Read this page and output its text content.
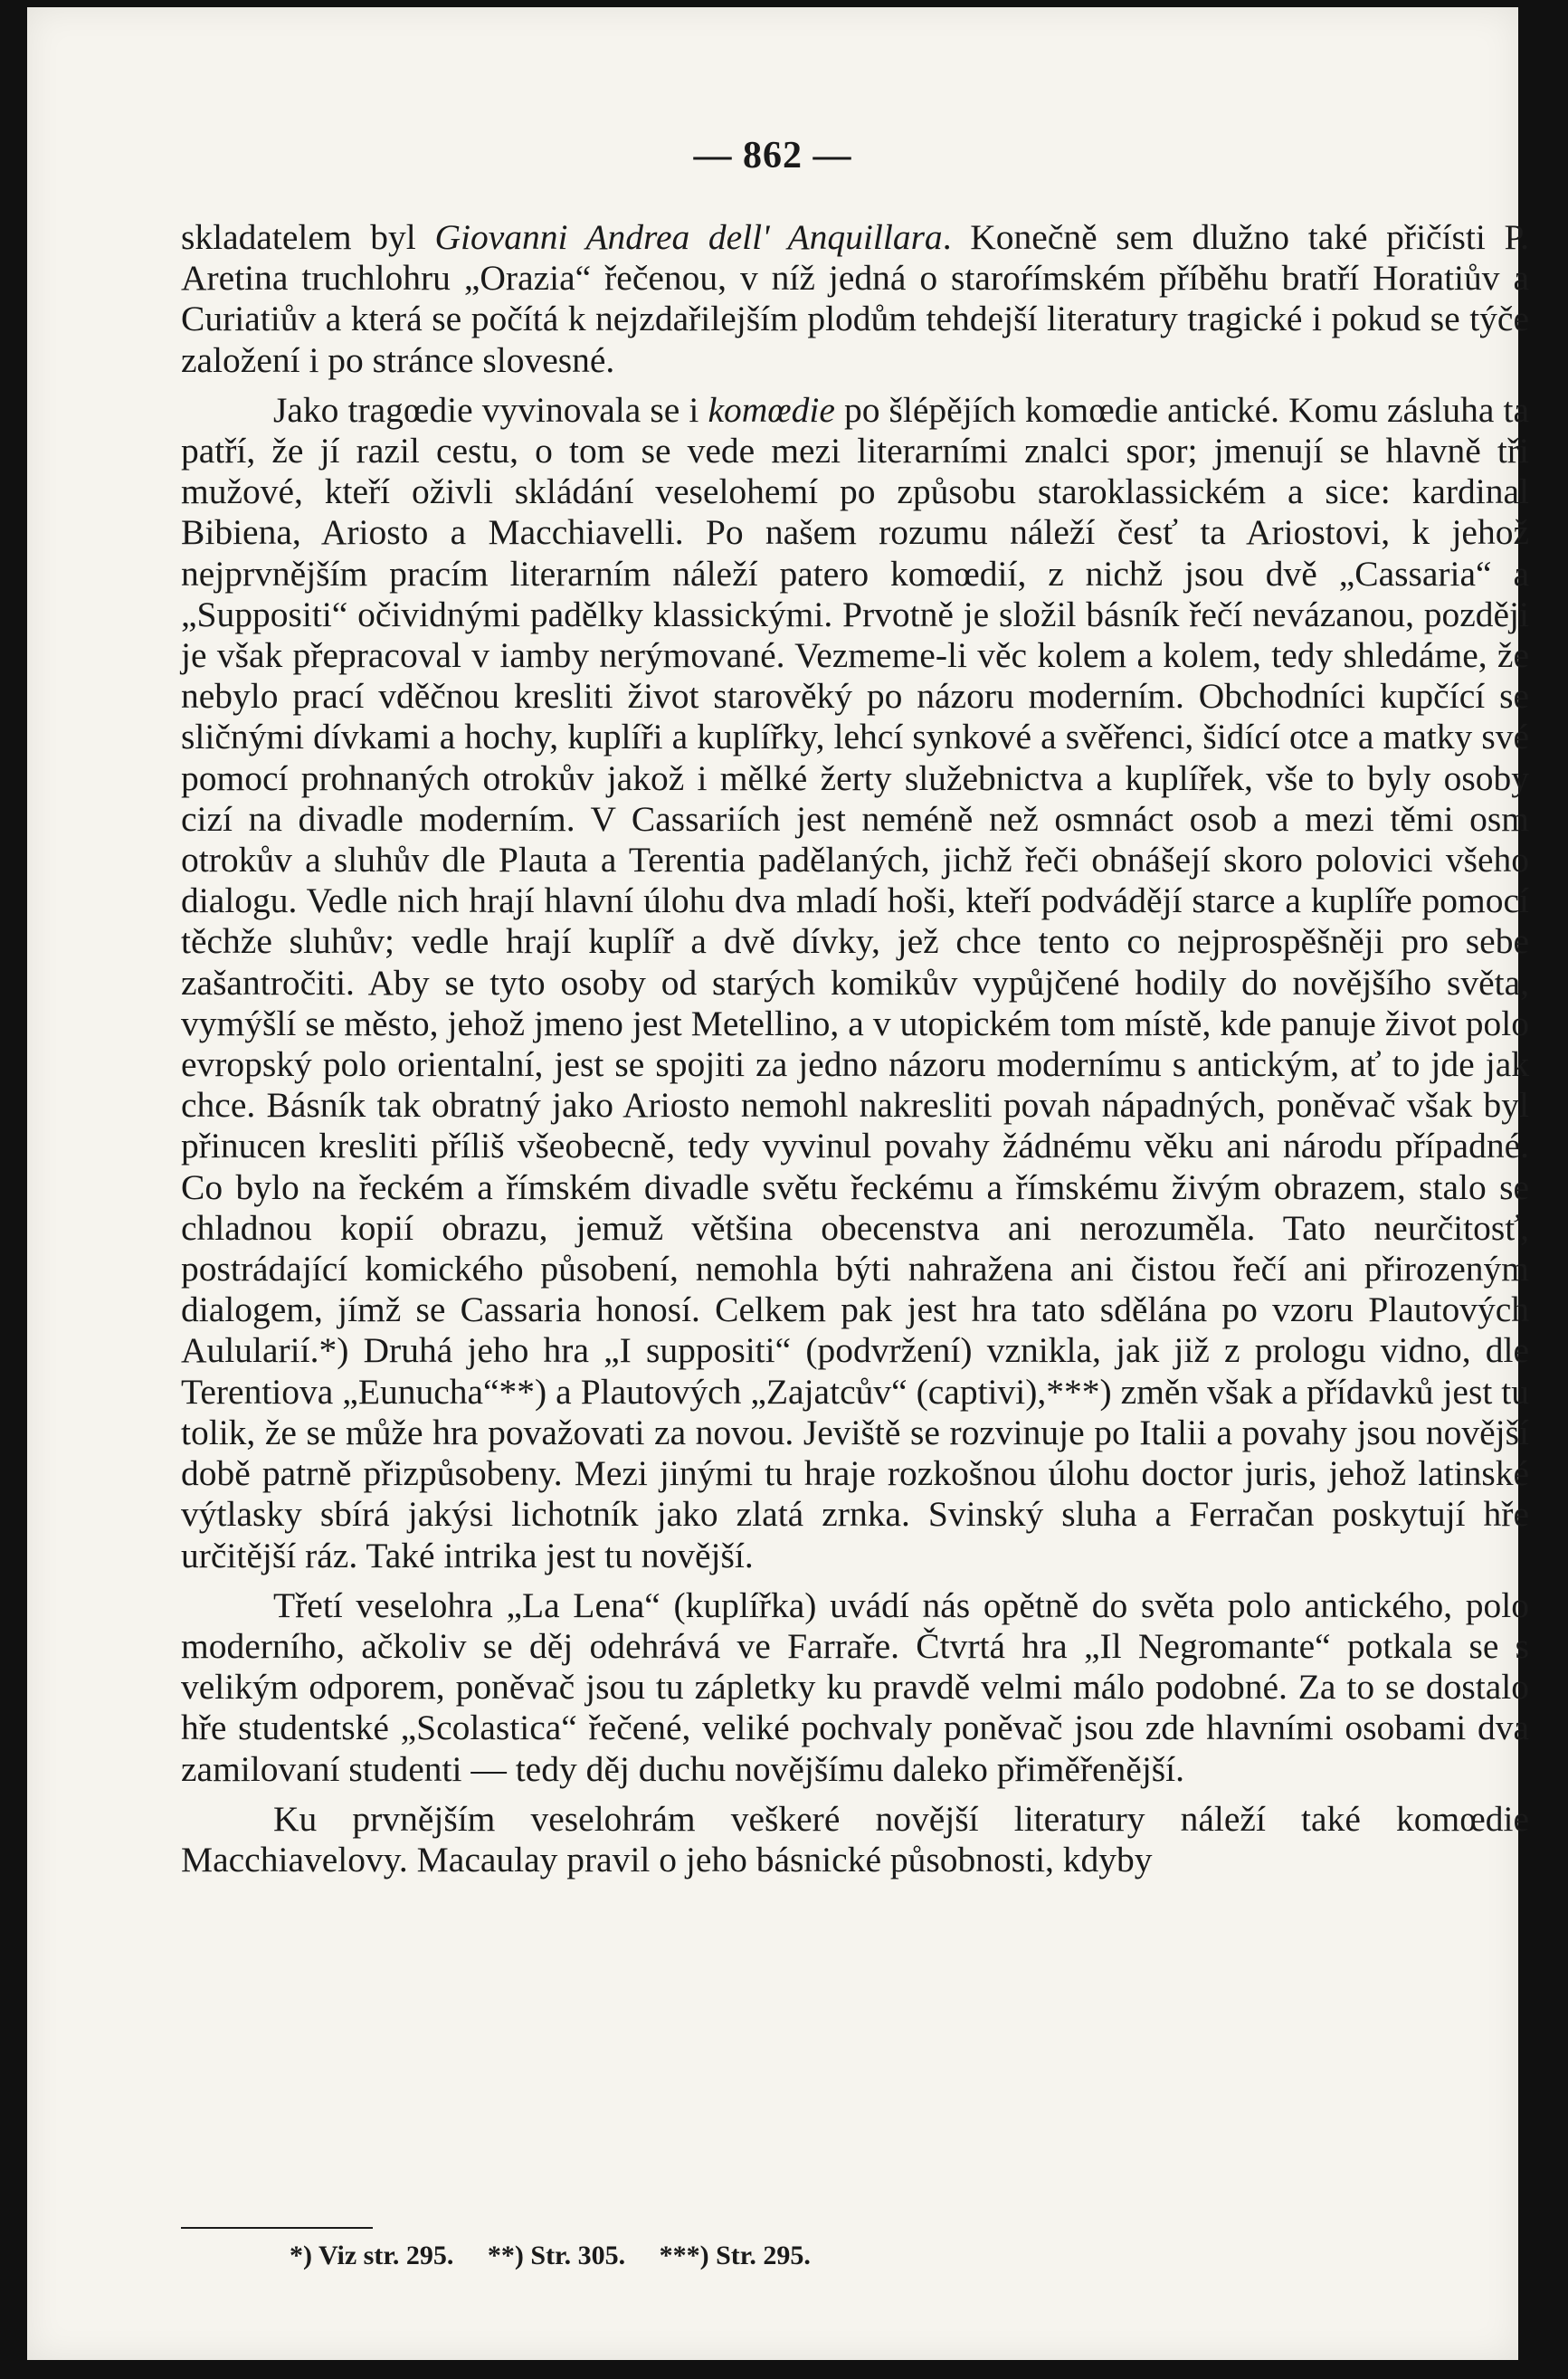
— 862 —

skladatelem byl Giovanni Andrea dell' Anquillara. Konečně sem dlužno také přičísti P. Aretina truchlohru „Orazia“ řečenou, v níž jedná o staroŕímském příběhu bratří Horatiův a Curiatiův a která se počítá k nejzdařilejším plodům tehdejší literatury tragické i pokud se týče založení i po stránce slovesné.

Jako tragœdie vyvinovala se i komœdie po šlépějích komœdie antické. Komu zásluha ta patří, že jí razil cestu, o tom se vede mezi literarními znalci spor; jmenují se hlavně tři mužové, kteří oživli skládání veselohemí po způsobu staroklassickém a sice: kardinal Bibiena, Ariosto a Macchiavelli. Po našem rozumu náleží česť ta Ariostovi, k jehož nejprvnějším pracím literarním náleží patero komœdií, z nichž jsou dvě „Cassaria“ a „Suppositi“ očividnými padělky klassickými. Prvotně je složil básník řečí nevázanou, později je však přepracoval v iamby nerýmované. Vezmeme-li věc kolem a kolem, tedy shledáme, že nebylo prací vděčnou kresliti život starověký po názoru moderním. Obchodníci kupčící se sličnými dívkami a hochy, kuplíři a kuplířky, lehcí synkové a svěřenci, šidící otce a matky své pomocí prohnaných otrokův jakož i mělké žerty služebnictva a kuplířek, vše to byly osoby cizí na divadle moderním. V Cassariích jest neméně než osmnáct osob a mezi těmi osm otrokův a sluhův dle Plauta a Terentia padělaných, jichž řeči obnášejí skoro polovici všeho dialogu. Vedle nich hrají hlavní úlohu dva mladí hoši, kteří podvádějí starce a kuplíře pomocí těchže sluhův; vedle hrají kuplíř a dvě dívky, jež chce tento co nejprospěšněji pro sebe zašantročiti. Aby se tyto osoby od starých komikův vypůjčené hodily do novějšího světa, vymýšlí se město, jehož jmeno jest Metellino, a v utopickém tom místě, kde panuje život polo evropský polo orientalní, jest se spojiti za jedno názoru modernímu s antickým, ať to jde jak chce. Básník tak obratný jako Ariosto nemohl nakresliti povah nápadných, poněvač však byl přinucen kresliti příliš všeobecně, tedy vyvinul povahy žádnému věku ani národu případné. Co bylo na řeckém a římském divadle světu řeckému a římskému živým obrazem, stalo se chladnou kopií obrazu, jemuž většina obecenstva ani nerozuměla. Tato neurčitosť, postrádající komického působení, nemohla býti nahražena ani čistou řečí ani přirozeným dialogem, jímž se Cassaria honosí. Celkem pak jest hra tato sdělána po vzoru Plautových Aulularií.*) Druhá jeho hra „I suppositi“ (podvržení) vznikla, jak již z prologu vidno, dle Terentiova „Eunucha“**) a Plautových „Zajatcův“ (captivi),***) změn však a přídavků jest tu tolik, že se může hra považovati za novou. Jeviště se rozvinuje po Italii a povahy jsou novější době patrně přizpůsobeny. Mezi jinými tu hraje rozkošnou úlohu doctor juris, jehož latinské výtlasky sbírá jakýsi lichotník jako zlatá zrnka. Svinský sluha a Ferračan poskytují hře určitější ráz. Také intrika jest tu novější.

Třetí veselohra „La Lena“ (kuplířka) uvádí nás opětně do světa polo antického, polo moderního, ačkoliv se děj odehrává ve Farraře. Čtvrtá hra „Il Negromante“ potkala se s velikým odporem, poněvač jsou tu zápletky ku pravdě velmi málo podobné. Za to se dostalo hře studentské „Scolastica“ řečené, veliké pochvaly poněvač jsou zde hlavními osobami dva zamilovaní studenti — tedy děj duchu novějšímu daleko přiměřenější.

Ku prvnějším veselohrám veškeré novější literatury náleží také komœdie Macchiavelovy. Macaulay pravil o jeho básnické působnosti, kdyby

*) Viz str. 295. **) Str. 305. ***) Str. 295.
